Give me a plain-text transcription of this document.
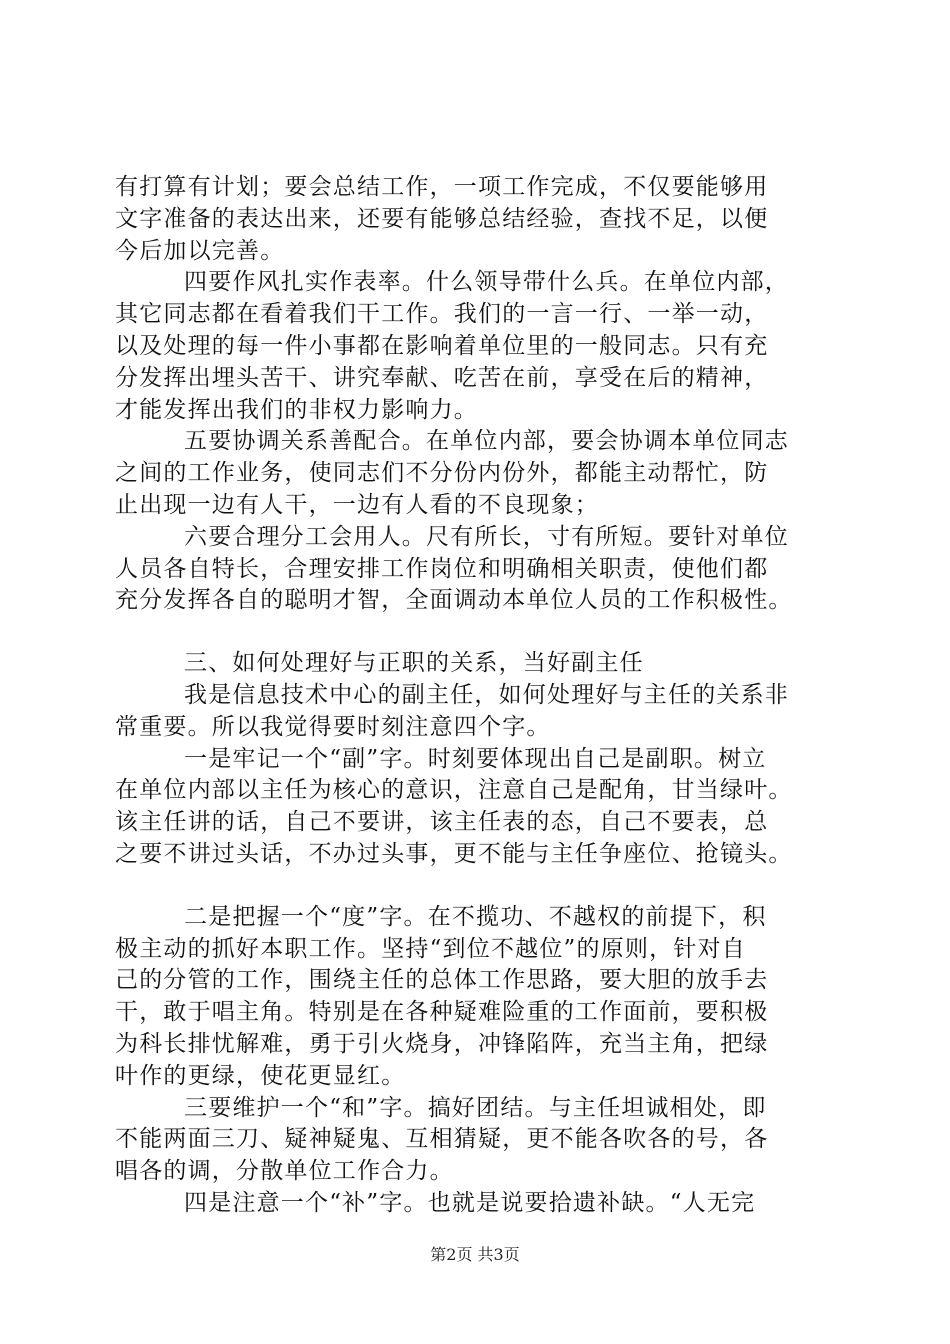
有打算有计划；要会总结工作，一项工作完成，不仅要能够用
文字准备的表达出来，还要有能够总结经验，查找不足，以便
今后加以完善。
四要作风扎实作表率。什么领导带什么兵。在单位内部，
其它同志都在看着我们干工作。我们的一言一行、一举一动，
以及处理的每一件小事都在影响着单位里的一般同志。只有充
分发挥出埋头苦干、讲究奉献、吃苦在前，享受在后的精神，
才能发挥出我们的非权力影响力。
五要协调关系善配合。在单位内部，要会协调本单位同志
之间的工作业务，使同志们不分份内份外，都能主动帮忙，防
止出现一边有人干，一边有人看的不良现象；
六要合理分工会用人。尺有所长，寸有所短。要针对单位
人员各自特长，合理安排工作岗位和明确相关职责，使他们都
充分发挥各自的聪明才智，全面调动本单位人员的工作积极性。
三、如何处理好与正职的关系，当好副主任
我是信息技术中心的副主任，如何处理好与主任的关系非
常重要。所以我觉得要时刻注意四个字。
一是牢记一个“副”字。时刻要体现出自己是副职。树立
在单位内部以主任为核心的意识，注意自己是配角，甘当绿叶。
该主任讲的话，自己不要讲，该主任表的态，自己不要表，总
之要不讲过头话，不办过头事，更不能与主任争座位、抢镜头。
二是把握一个“度”字。在不揽功、不越权的前提下，积
极主动的抓好本职工作。坚持“到位不越位”的原则，针对自
己的分管的工作，围绕主任的总体工作思路，要大胆的放手去
干，敢于唱主角。特别是在各种疑难险重的工作面前，要积极
为科长排忧解难，勇于引火烧身，冲锋陷阵，充当主角，把绿
叶作的更绿，使花更显红。
三要维护一个“和”字。搞好团结。与主任坦诚相处，即
不能两面三刀、疑神疑鬼、互相猜疑，更不能各吹各的号，各
唱各的调，分散单位工作合力。
四是注意一个“补”字。也就是说要拾遗补缺。“人无完
第2页 共3页
